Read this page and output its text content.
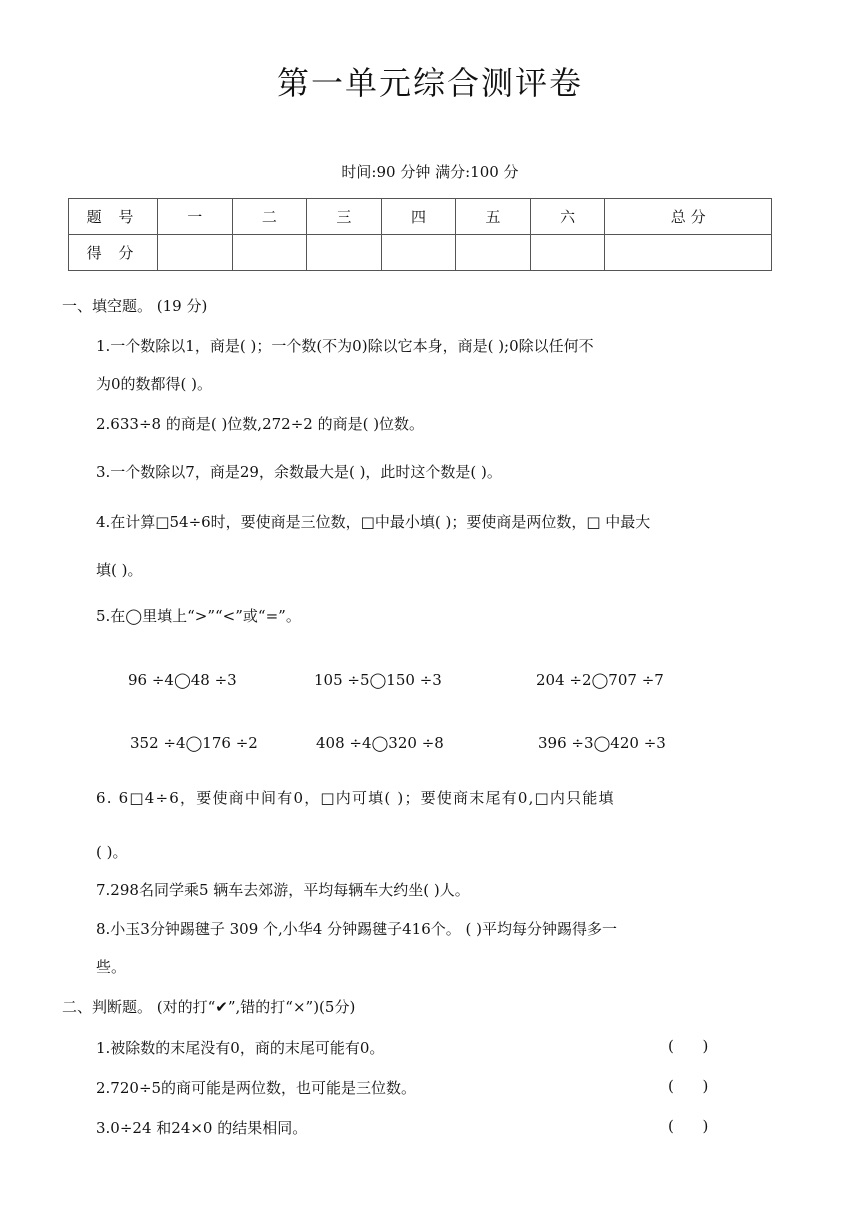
第一单元综合测评卷
时间:90 分钟 满分:100 分
题 号	一	二	三	四	五	六	总 分
得 分							
一、填空题。 (19 分)
1.一个数除以1，商是( )；一个数(不为0)除以它本身，商是( );0除以任何不
为0的数都得( )。
2.633÷8 的商是( )位数,272÷2 的商是( )位数。
3.一个数除以7，商是29，余数最大是( )，此时这个数是( )。
4.在计算□54÷6时，要使商是三位数，□中最小填( )；要使商是两位数，□ 中最大
填( )。
5.在◯里填上“>”“<”或“=”。
96 ÷4◯48 ÷3	105 ÷5◯150 ÷3	204 ÷2◯707 ÷7
352 ÷4◯176 ÷2	408 ÷4◯320 ÷8	396 ÷3◯420 ÷3
6. 6□4÷6，要使商中间有0，□内可填( )；要使商末尾有0,□内只能填
( )。
7.298名同学乘5 辆车去郊游，平均每辆车大约坐( )人。
8.小玉3分钟踢毽子 309 个,小华4 分钟踢毽子416个。 ( )平均每分钟踢得多一
些。
二、判断题。 (对的打“✔”,错的打“×”)(5分)
1.被除数的末尾没有0，商的末尾可能有0。	(      )
2.720÷5的商可能是两位数，也可能是三位数。	(      )
3.0÷24 和24×0 的结果相同。	(      )
